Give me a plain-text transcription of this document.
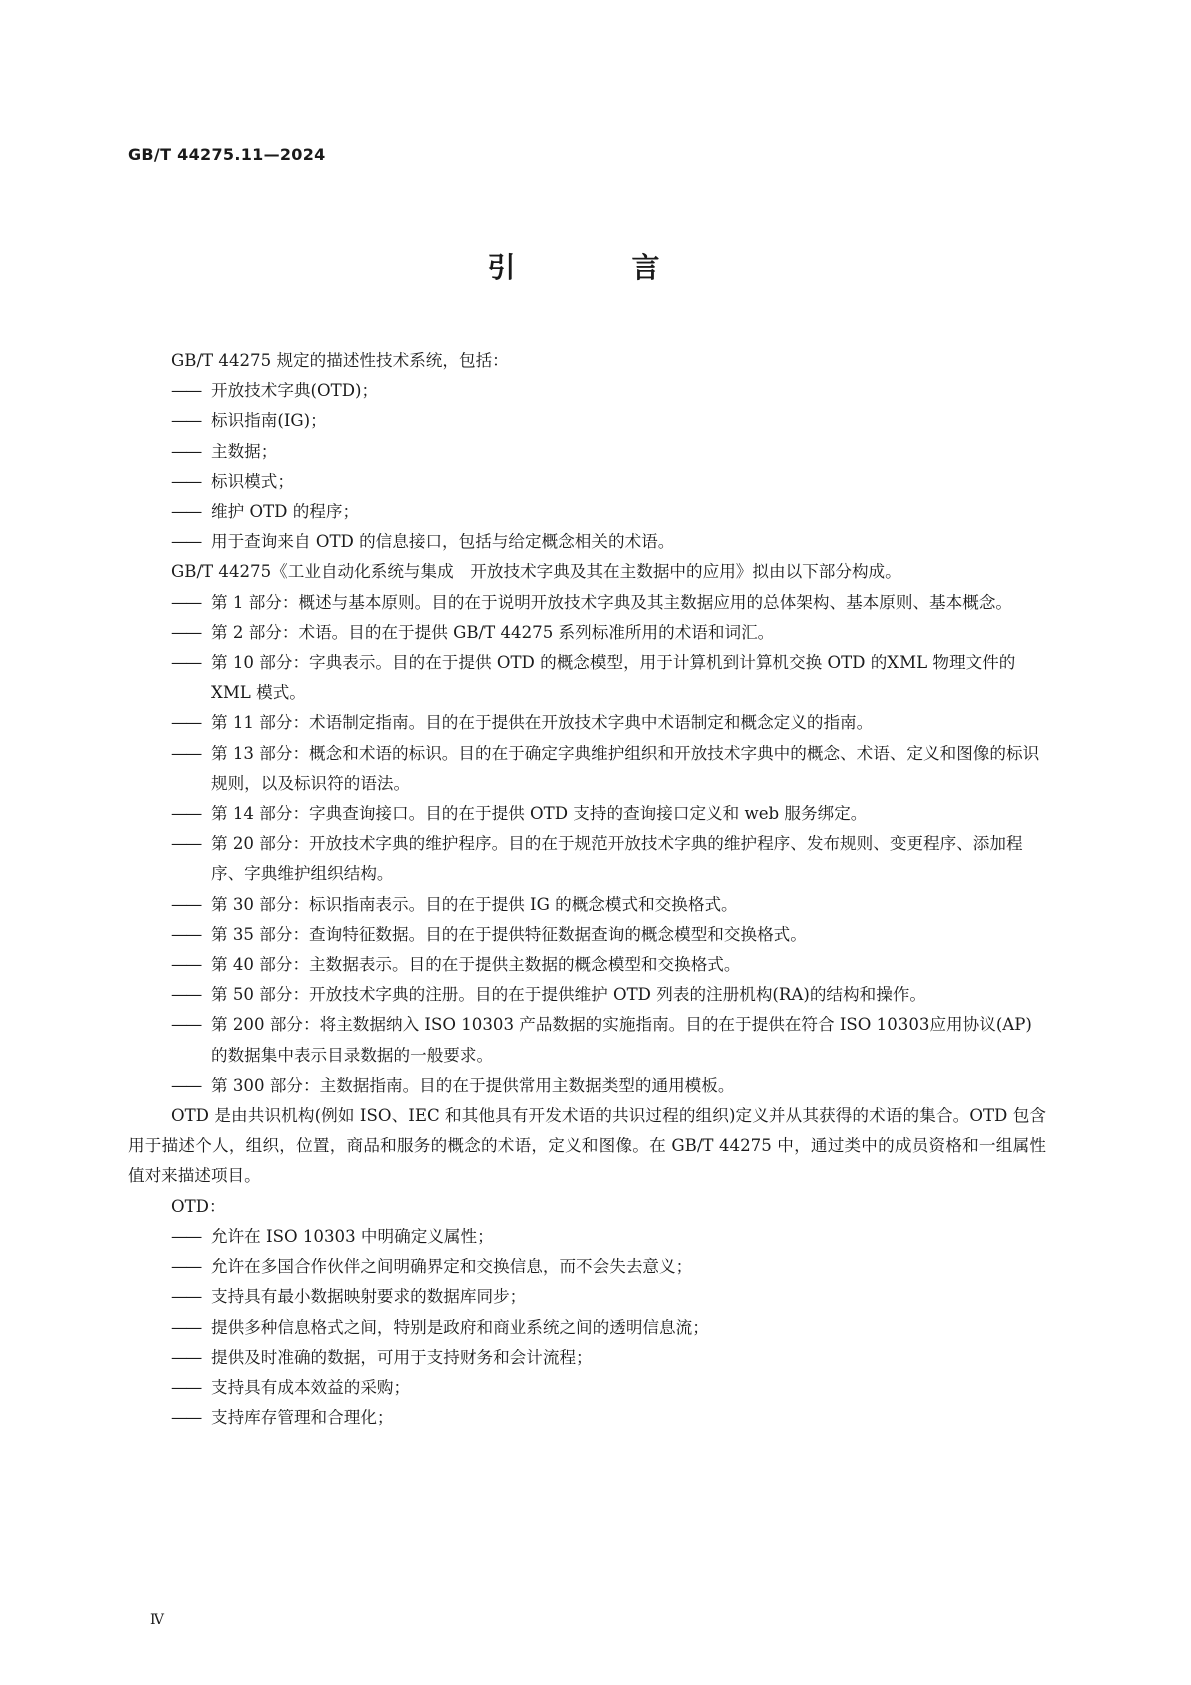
GB/T 44275.11—2024
引　言
GB/T 44275 规定的描述性技术系统，包括：
—— 开放技术字典(OTD)；
—— 标识指南(IG)；
—— 主数据；
—— 标识模式；
—— 维护 OTD 的程序；
—— 用于查询来自 OTD 的信息接口，包括与给定概念相关的术语。
GB/T 44275《工业自动化系统与集成　开放技术字典及其在主数据中的应用》拟由以下部分构成。
—— 第 1 部分：概述与基本原则。目的在于说明开放技术字典及其主数据应用的总体架构、基本原则、基本概念。
—— 第 2 部分：术语。目的在于提供 GB/T 44275 系列标准所用的术语和词汇。
—— 第 10 部分：字典表示。目的在于提供 OTD 的概念模型，用于计算机到计算机交换 OTD 的XML 物理文件的 XML 模式。
—— 第 11 部分：术语制定指南。目的在于提供在开放技术字典中术语制定和概念定义的指南。
—— 第 13 部分：概念和术语的标识。目的在于确定字典维护组织和开放技术字典中的概念、术语、定义和图像的标识规则，以及标识符的语法。
—— 第 14 部分：字典查询接口。目的在于提供 OTD 支持的查询接口定义和 web 服务绑定。
—— 第 20 部分：开放技术字典的维护程序。目的在于规范开放技术字典的维护程序、发布规则、变更程序、添加程序、字典维护组织结构。
—— 第 30 部分：标识指南表示。目的在于提供 IG 的概念模式和交换格式。
—— 第 35 部分：查询特征数据。目的在于提供特征数据查询的概念模型和交换格式。
—— 第 40 部分：主数据表示。目的在于提供主数据的概念模型和交换格式。
—— 第 50 部分：开放技术字典的注册。目的在于提供维护 OTD 列表的注册机构(RA)的结构和操作。
—— 第 200 部分：将主数据纳入 ISO 10303 产品数据的实施指南。目的在于提供在符合 ISO 10303应用协议(AP)的数据集中表示目录数据的一般要求。
—— 第 300 部分：主数据指南。目的在于提供常用主数据类型的通用模板。
OTD 是由共识机构(例如 ISO、IEC 和其他具有开发术语的共识过程的组织)定义并从其获得的术语的集合。OTD 包含用于描述个人，组织，位置，商品和服务的概念的术语，定义和图像。在 GB/T 44275 中，通过类中的成员资格和一组属性值对来描述项目。
OTD：
—— 允许在 ISO 10303 中明确定义属性；
—— 允许在多国合作伙伴之间明确界定和交换信息，而不会失去意义；
—— 支持具有最小数据映射要求的数据库同步；
—— 提供多种信息格式之间，特别是政府和商业系统之间的透明信息流；
—— 提供及时准确的数据，可用于支持财务和会计流程；
—— 支持具有成本效益的采购；
—— 支持库存管理和合理化；
Ⅳ
